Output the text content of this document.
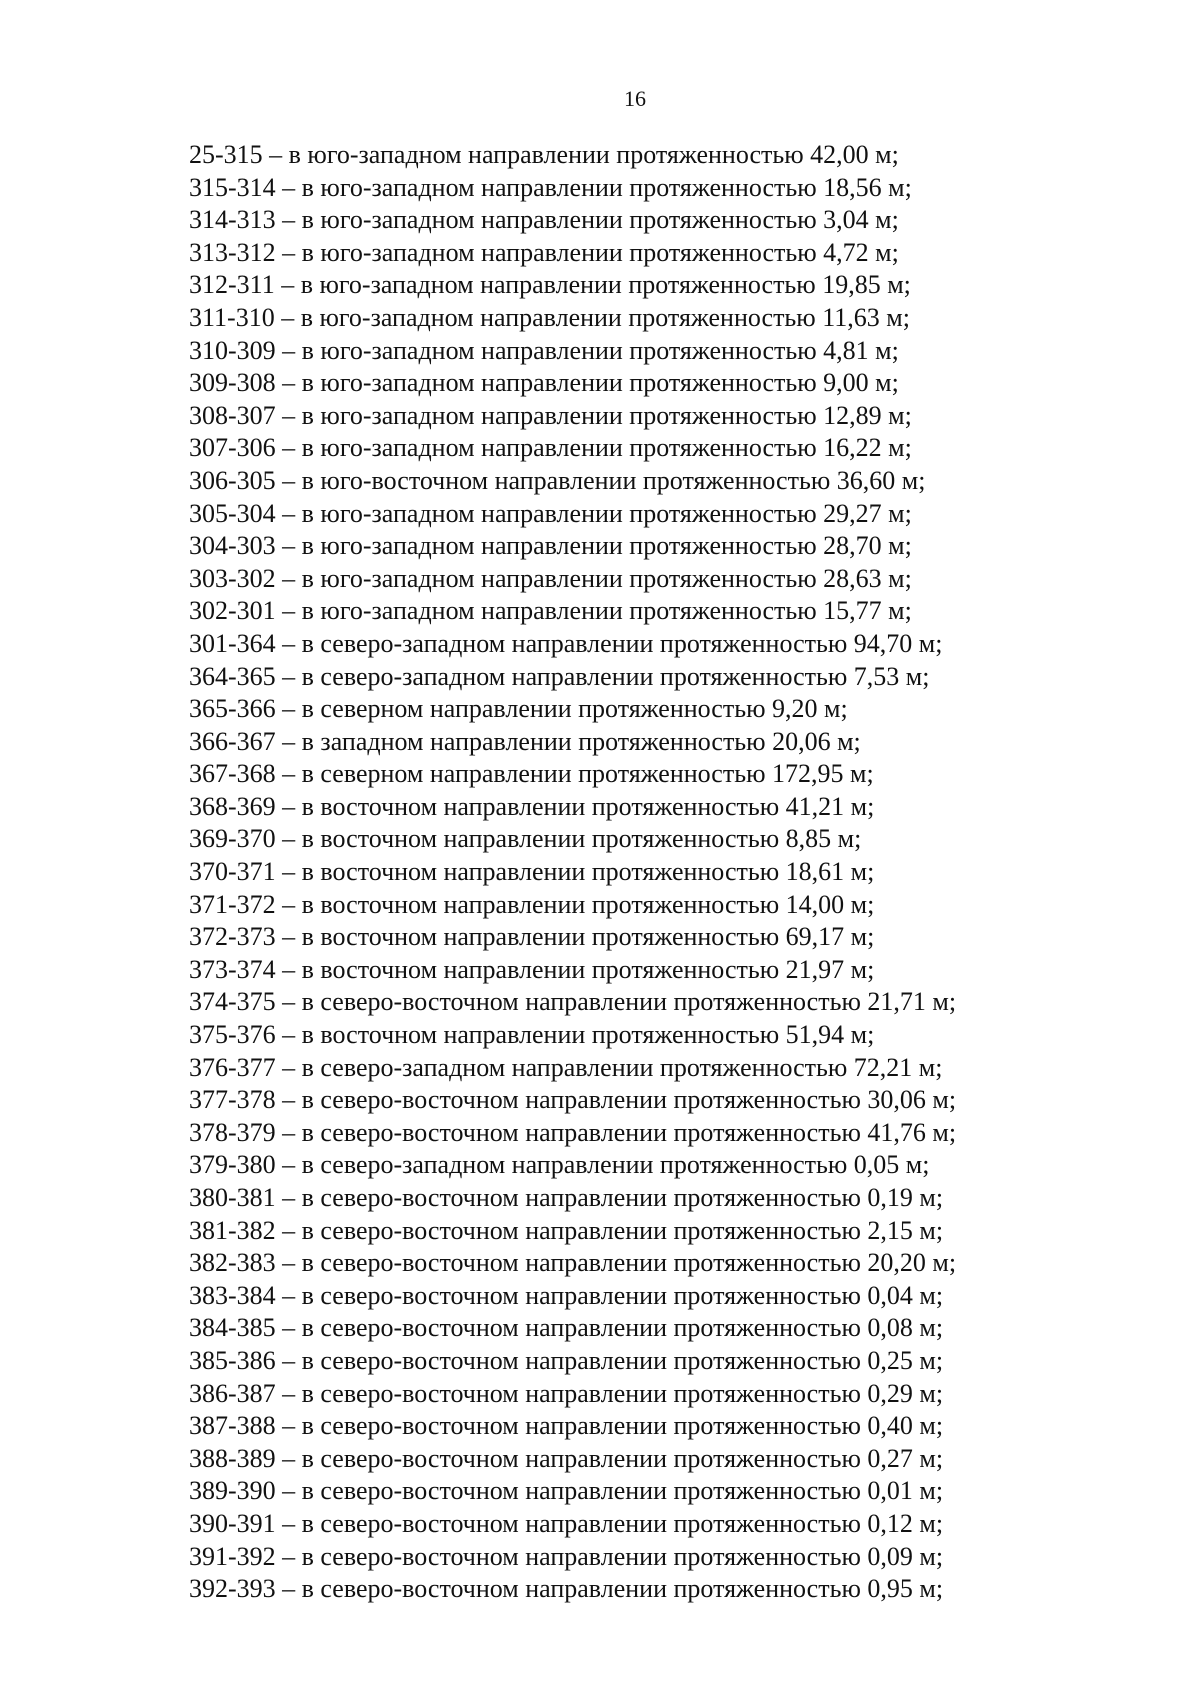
16
25-315 – в юго-западном направлении протяженностью 42,00 м;
315-314 – в юго-западном направлении протяженностью 18,56 м;
314-313 – в юго-западном направлении протяженностью 3,04 м;
313-312 – в юго-западном направлении протяженностью 4,72 м;
312-311 – в юго-западном направлении протяженностью 19,85 м;
311-310 – в юго-западном направлении протяженностью 11,63 м;
310-309 – в юго-западном направлении протяженностью 4,81 м;
309-308 – в юго-западном направлении протяженностью 9,00 м;
308-307 – в юго-западном направлении протяженностью 12,89 м;
307-306 – в юго-западном направлении протяженностью 16,22 м;
306-305 – в юго-восточном направлении протяженностью 36,60 м;
305-304 – в юго-западном направлении протяженностью 29,27 м;
304-303 – в юго-западном направлении протяженностью 28,70 м;
303-302 – в юго-западном направлении протяженностью 28,63 м;
302-301 – в юго-западном направлении протяженностью 15,77 м;
301-364 – в северо-западном направлении протяженностью 94,70 м;
364-365 – в северо-западном направлении протяженностью 7,53 м;
365-366 – в северном направлении протяженностью 9,20 м;
366-367 – в западном направлении протяженностью 20,06 м;
367-368 – в северном направлении протяженностью 172,95 м;
368-369 – в восточном направлении протяженностью 41,21 м;
369-370 – в восточном направлении протяженностью 8,85 м;
370-371 – в восточном направлении протяженностью 18,61 м;
371-372 – в восточном направлении протяженностью 14,00 м;
372-373 – в восточном направлении протяженностью 69,17 м;
373-374 – в восточном направлении протяженностью 21,97 м;
374-375 – в северо-восточном направлении протяженностью 21,71 м;
375-376 – в восточном направлении протяженностью 51,94 м;
376-377 – в северо-западном направлении протяженностью 72,21 м;
377-378 – в северо-восточном направлении протяженностью 30,06 м;
378-379 – в северо-восточном направлении протяженностью 41,76 м;
379-380 – в северо-западном направлении протяженностью 0,05 м;
380-381 – в северо-восточном направлении протяженностью 0,19 м;
381-382 – в северо-восточном направлении протяженностью 2,15 м;
382-383 – в северо-восточном направлении протяженностью 20,20 м;
383-384 – в северо-восточном направлении протяженностью 0,04 м;
384-385 – в северо-восточном направлении протяженностью 0,08 м;
385-386 – в северо-восточном направлении протяженностью 0,25 м;
386-387 – в северо-восточном направлении протяженностью 0,29 м;
387-388 – в северо-восточном направлении протяженностью 0,40 м;
388-389 – в северо-восточном направлении протяженностью 0,27 м;
389-390 – в северо-восточном направлении протяженностью 0,01 м;
390-391 – в северо-восточном направлении протяженностью 0,12 м;
391-392 – в северо-восточном направлении протяженностью 0,09 м;
392-393 – в северо-восточном направлении протяженностью 0,95 м;
